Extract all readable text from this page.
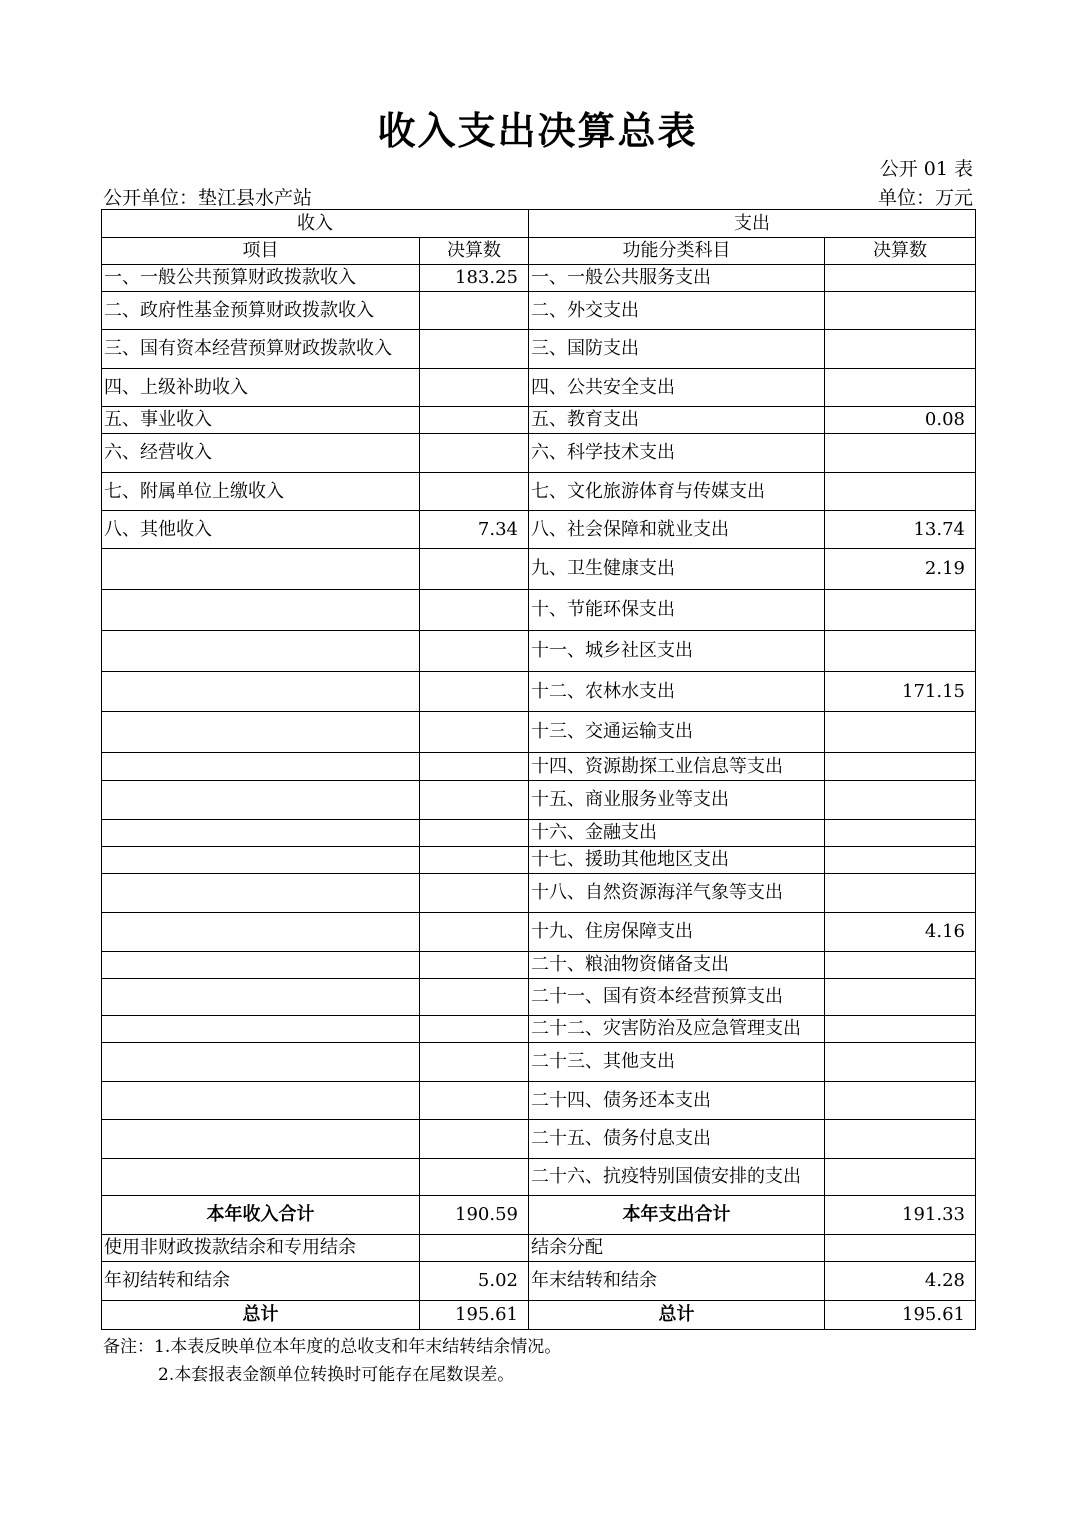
收入支出决算总表
公开 01 表
公开单位：垫江县水产站	单位：万元
收入		支出	
项目	决算数	功能分类科目	决算数
一、一般公共预算财政拨款收入	183.25	一、一般公共服务支出	
二、政府性基金预算财政拨款收入		二、外交支出	
三、国有资本经营预算财政拨款收入		三、国防支出	
四、上级补助收入		四、公共安全支出	
五、事业收入		五、教育支出	0.08
六、经营收入		六、科学技术支出	
七、附属单位上缴收入		七、文化旅游体育与传媒支出	
八、其他收入	7.34	八、社会保障和就业支出	13.74
		九、卫生健康支出	2.19
		十、节能环保支出	
		十一、城乡社区支出	
		十二、农林水支出	171.15
		十三、交通运输支出	
		十四、资源勘探工业信息等支出	
		十五、商业服务业等支出	
		十六、金融支出	
		十七、援助其他地区支出	
		十八、自然资源海洋气象等支出	
		十九、住房保障支出	4.16
		二十、粮油物资储备支出	
		二十一、国有资本经营预算支出	
		二十二、灾害防治及应急管理支出	
		二十三、其他支出	
		二十四、债务还本支出	
		二十五、债务付息支出	
		二十六、抗疫特别国债安排的支出	
本年收入合计	190.59	本年支出合计	191.33
使用非财政拨款结余和专用结余		结余分配	
年初结转和结余	5.02	年末结转和结余	4.28
总计	195.61	总计	195.61
备注：1.本表反映单位本年度的总收支和年末结转结余情况。
2.本套报表金额单位转换时可能存在尾数误差。
